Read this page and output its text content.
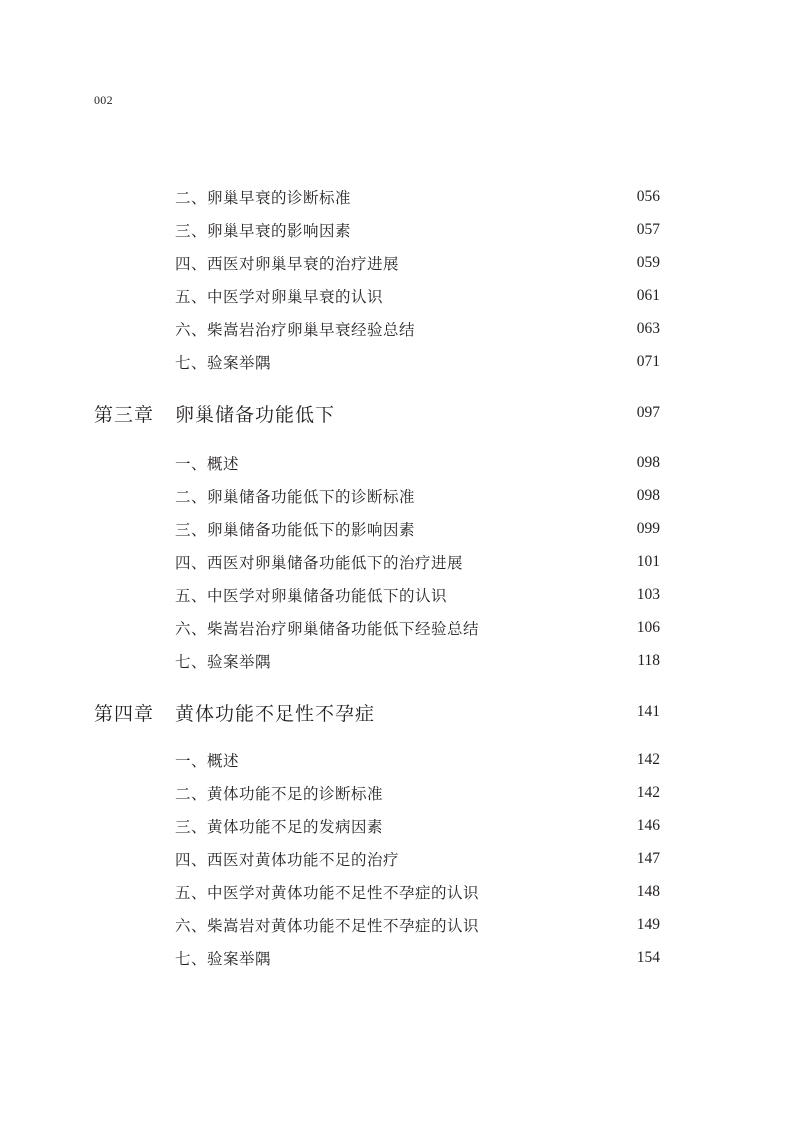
002
二、卵巢早衰的诊断标准	056
三、卵巢早衰的影响因素	057
四、西医对卵巢早衰的治疗进展	059
五、中医学对卵巢早衰的认识	061
六、柴嵩岩治疗卵巢早衰经验总结	063
七、验案举隅	071
第三章	卵巢储备功能低下	097
一、概述	098
二、卵巢储备功能低下的诊断标准	098
三、卵巢储备功能低下的影响因素	099
四、西医对卵巢储备功能低下的治疗进展	101
五、中医学对卵巢储备功能低下的认识	103
六、柴嵩岩治疗卵巢储备功能低下经验总结	106
七、验案举隅	118
第四章	黄体功能不足性不孕症	141
一、概述	142
二、黄体功能不足的诊断标准	142
三、黄体功能不足的发病因素	146
四、西医对黄体功能不足的治疗	147
五、中医学对黄体功能不足性不孕症的认识	148
六、柴嵩岩对黄体功能不足性不孕症的认识	149
七、验案举隅	154
